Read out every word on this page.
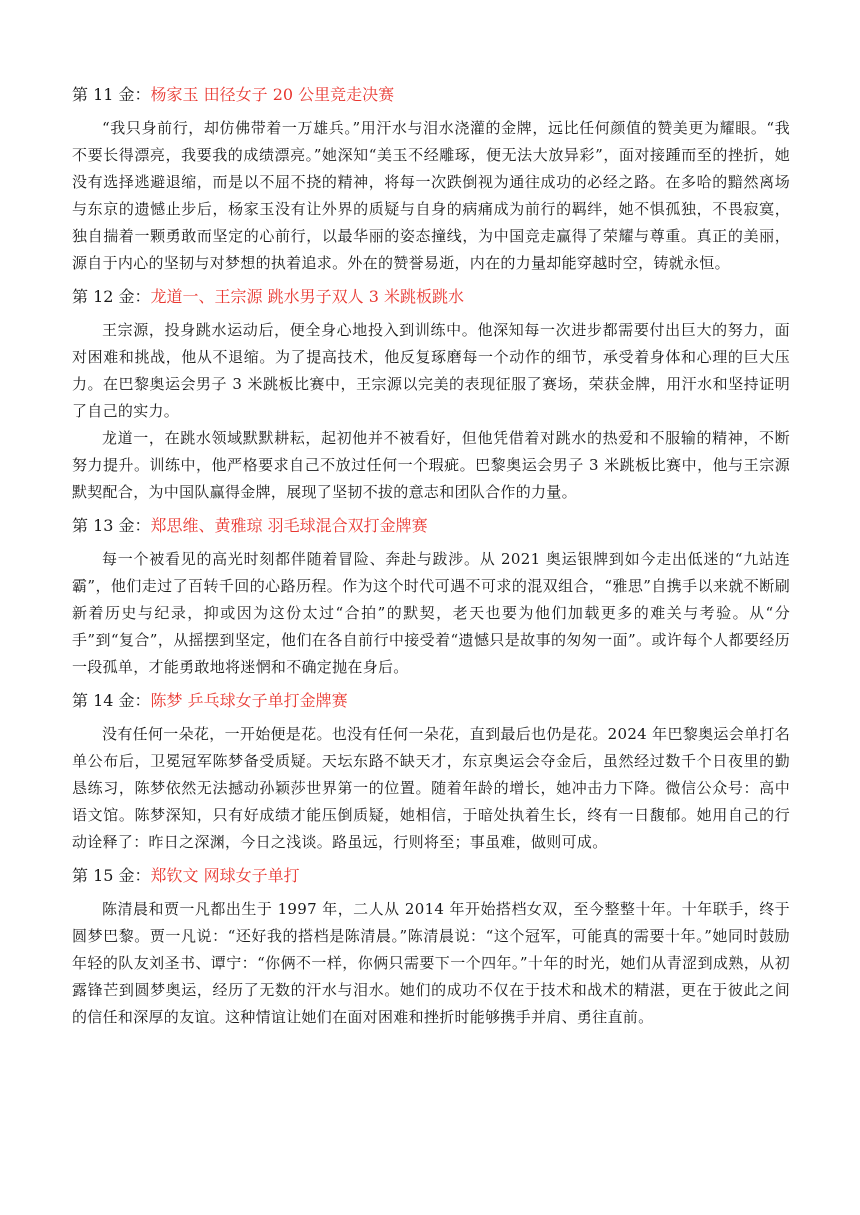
第 11 金：杨家玉 田径女子 20 公里竞走决赛

“我只身前行，却仿佛带着一万雄兵。”用汗水与泪水浇灌的金牌，远比任何颜值的赞美更为耀眼。“我不要长得漂亮，我要我的成绩漂亮。”她深知“美玉不经雕琢，便无法大放异彩”，面对接踵而至的挫折，她没有选择逃避退缩，而是以不屈不挠的精神，将每一次跌倒视为通往成功的必经之路。在多哈的黯然离场与东京的遗憾止步后，杨家玉没有让外界的质疑与自身的病痛成为前行的羁绊，她不惧孤独，不畏寂寞，独自揣着一颗勇敢而坚定的心前行，以最华丽的姿态撞线，为中国竞走赢得了荣耀与尊重。真正的美丽，源自于内心的坚韧与对梦想的执着追求。外在的赞誉易逝，内在的力量却能穿越时空，铸就永恒。

第 12 金：龙道一、王宗源 跳水男子双人 3 米跳板跳水

王宗源，投身跳水运动后，便全身心地投入到训练中。他深知每一次进步都需要付出巨大的努力，面对困难和挑战，他从不退缩。为了提高技术，他反复琢磨每一个动作的细节，承受着身体和心理的巨大压力。在巴黎奥运会男子 3 米跳板比赛中，王宗源以完美的表现征服了赛场，荣获金牌，用汗水和坚持证明了自己的实力。

龙道一，在跳水领域默默耕耘，起初他并不被看好，但他凭借着对跳水的热爱和不服输的精神，不断努力提升。训练中，他严格要求自己不放过任何一个瑕疵。巴黎奥运会男子 3 米跳板比赛中，他与王宗源默契配合，为中国队赢得金牌，展现了坚韧不拔的意志和团队合作的力量。

第 13 金：郑思维、黄雅琼 羽毛球混合双打金牌赛

每一个被看见的高光时刻都伴随着冒险、奔赴与跋涉。从 2021 奥运银牌到如今走出低迷的“九站连霸”，他们走过了百转千回的心路历程。作为这个时代可遇不可求的混双组合，“雅思”自携手以来就不断刷新着历史与纪录，抑或因为这份太过“合拍”的默契，老天也要为他们加载更多的难关与考验。从“分手”到“复合”，从摇摆到坚定，他们在各自前行中接受着“遗憾只是故事的匆匆一面”。或许每个人都要经历一段孤单，才能勇敢地将迷惘和不确定抛在身后。

第 14 金：陈梦 乒乓球女子单打金牌赛

没有任何一朵花，一开始便是花。也没有任何一朵花，直到最后也仍是花。2024 年巴黎奥运会单打名单公布后，卫冕冠军陈梦备受质疑。天坛东路不缺天才，东京奥运会夺金后，虽然经过数千个日夜里的勤恳练习，陈梦依然无法撼动孙颖莎世界第一的位置。随着年龄的增长，她冲击力下降。微信公众号：高中语文馆。陈梦深知，只有好成绩才能压倒质疑，她相信，于暗处执着生长，终有一日馥郁。她用自己的行动诠释了：昨日之深渊，今日之浅谈。路虽远，行则将至；事虽难，做则可成。

第 15 金：郑钦文 网球女子单打

陈清晨和贾一凡都出生于 1997 年，二人从 2014 年开始搭档女双，至今整整十年。十年联手，终于圆梦巴黎。贾一凡说：“还好我的搭档是陈清晨。”陈清晨说：“这个冠军，可能真的需要十年。”她同时鼓励年轻的队友刘圣书、谭宁：“你俩不一样，你俩只需要下一个四年。”十年的时光，她们从青涩到成熟，从初露锋芒到圆梦奥运，经历了无数的汗水与泪水。她们的成功不仅在于技术和战术的精湛，更在于彼此之间的信任和深厚的友谊。这种情谊让她们在面对困难和挫折时能够携手并肩、勇往直前。
